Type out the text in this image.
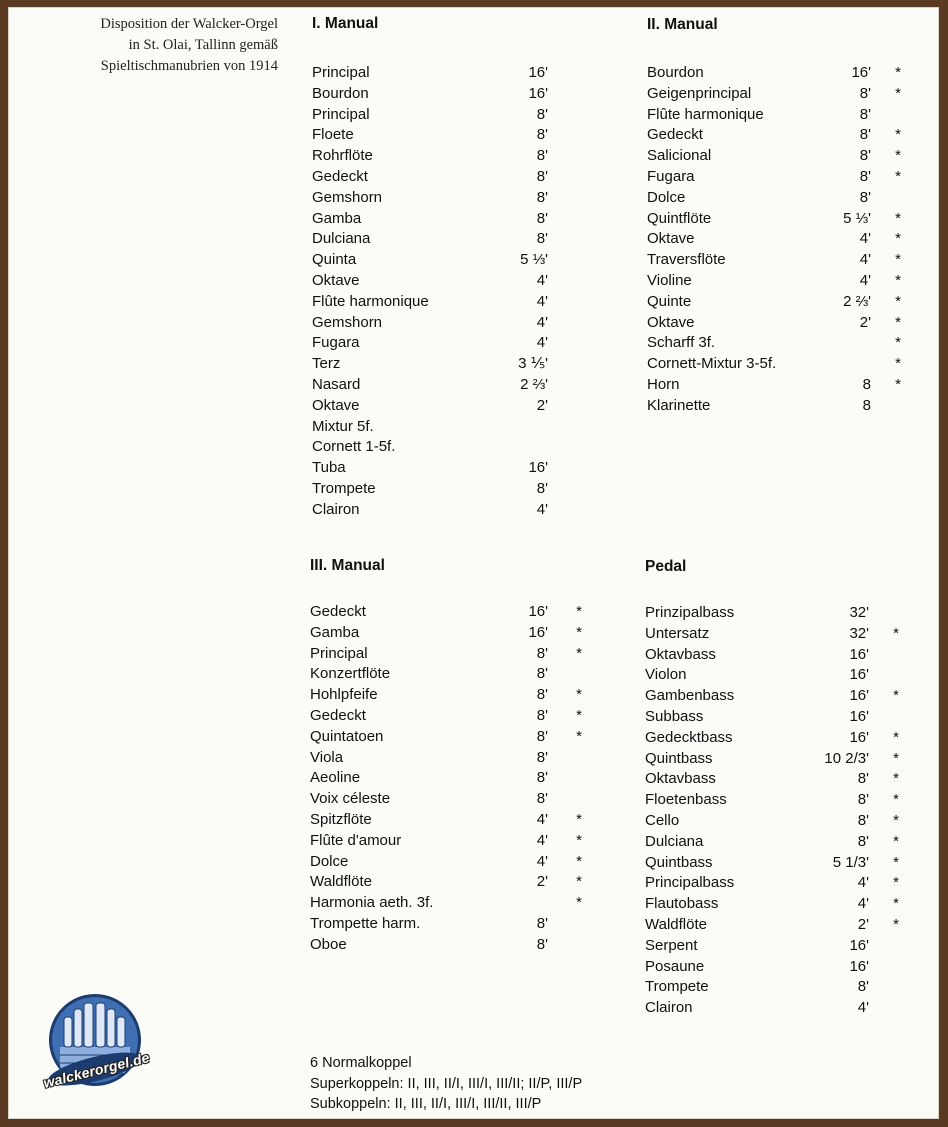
Disposition der Walcker-Orgel
in St. Olai, Tallinn gemäß
Spieltischmanubrien von 1914
I. Manual
Principal	16'
Bourdon	16'
Principal	8'
Floete	8'
Rohrflöte	8'
Gedeckt	8'
Gemshorn	8'
Gamba	8'
Dulciana	8'
Quinta	5 ⅓'
Oktave	4'
Flûte harmonique	4'
Gemshorn	4'
Fugara	4'
Terz	3 ⅕'
Nasard	2 ⅔'
Oktave	2'
Mixtur 5f.
Cornett 1-5f.
Tuba	16'
Trompete	8'
Clairon	4'
II. Manual
Bourdon	16' *
Geigenprincipal	8' *
Flûte harmonique	8'
Gedeckt	8' *
Salicional	8' *
Fugara	8' *
Dolce	8'
Quintflöte	5 ⅓' *
Oktave	4' *
Traversflöte	4' *
Violine	4' *
Quinte	2 ⅔' *
Oktave	2' *
Scharff 3f.	*
Cornett-Mixtur 3-5f.	*
Horn	8 *
Klarinette	8
III. Manual
Gedeckt	16' *
Gamba	16' *
Principal	8' *
Konzertflöte	8'
Hohlpfeife	8' *
Gedeckt	8' *
Quintatoen	8' *
Viola	8'
Aeoline	8'
Voix céleste	8'
Spitzflöte	4' *
Flûte d'amour	4' *
Dolce	4' *
Waldflöte	2' *
Harmonia aeth. 3f.	*
Trompette harm.	8'
Oboe	8'
Pedal
Prinzipalbass	32'
Untersatz	32' *
Oktavbass	16'
Violon	16'
Gambenbass	16' *
Subbass	16'
Gedecktbass	16' *
Quintbass	10 2/3' *
Oktavbass	8' *
Floetenbass	8' *
Cello	8' *
Dulciana	8' *
Quintbass	5 1/3' *
Principalbass	4' *
Flautobass	4' *
Waldflöte	2' *
Serpent	16'
Posaune	16'
Trompete	8'
Clairon	4'
6 Normalkoppel
Superkoppeln: II, III, II/I, III/I, III/II; II/P, III/P
Subkoppeln: II, III, II/I, III/I, III/II, III/P
walckerorgel.de
